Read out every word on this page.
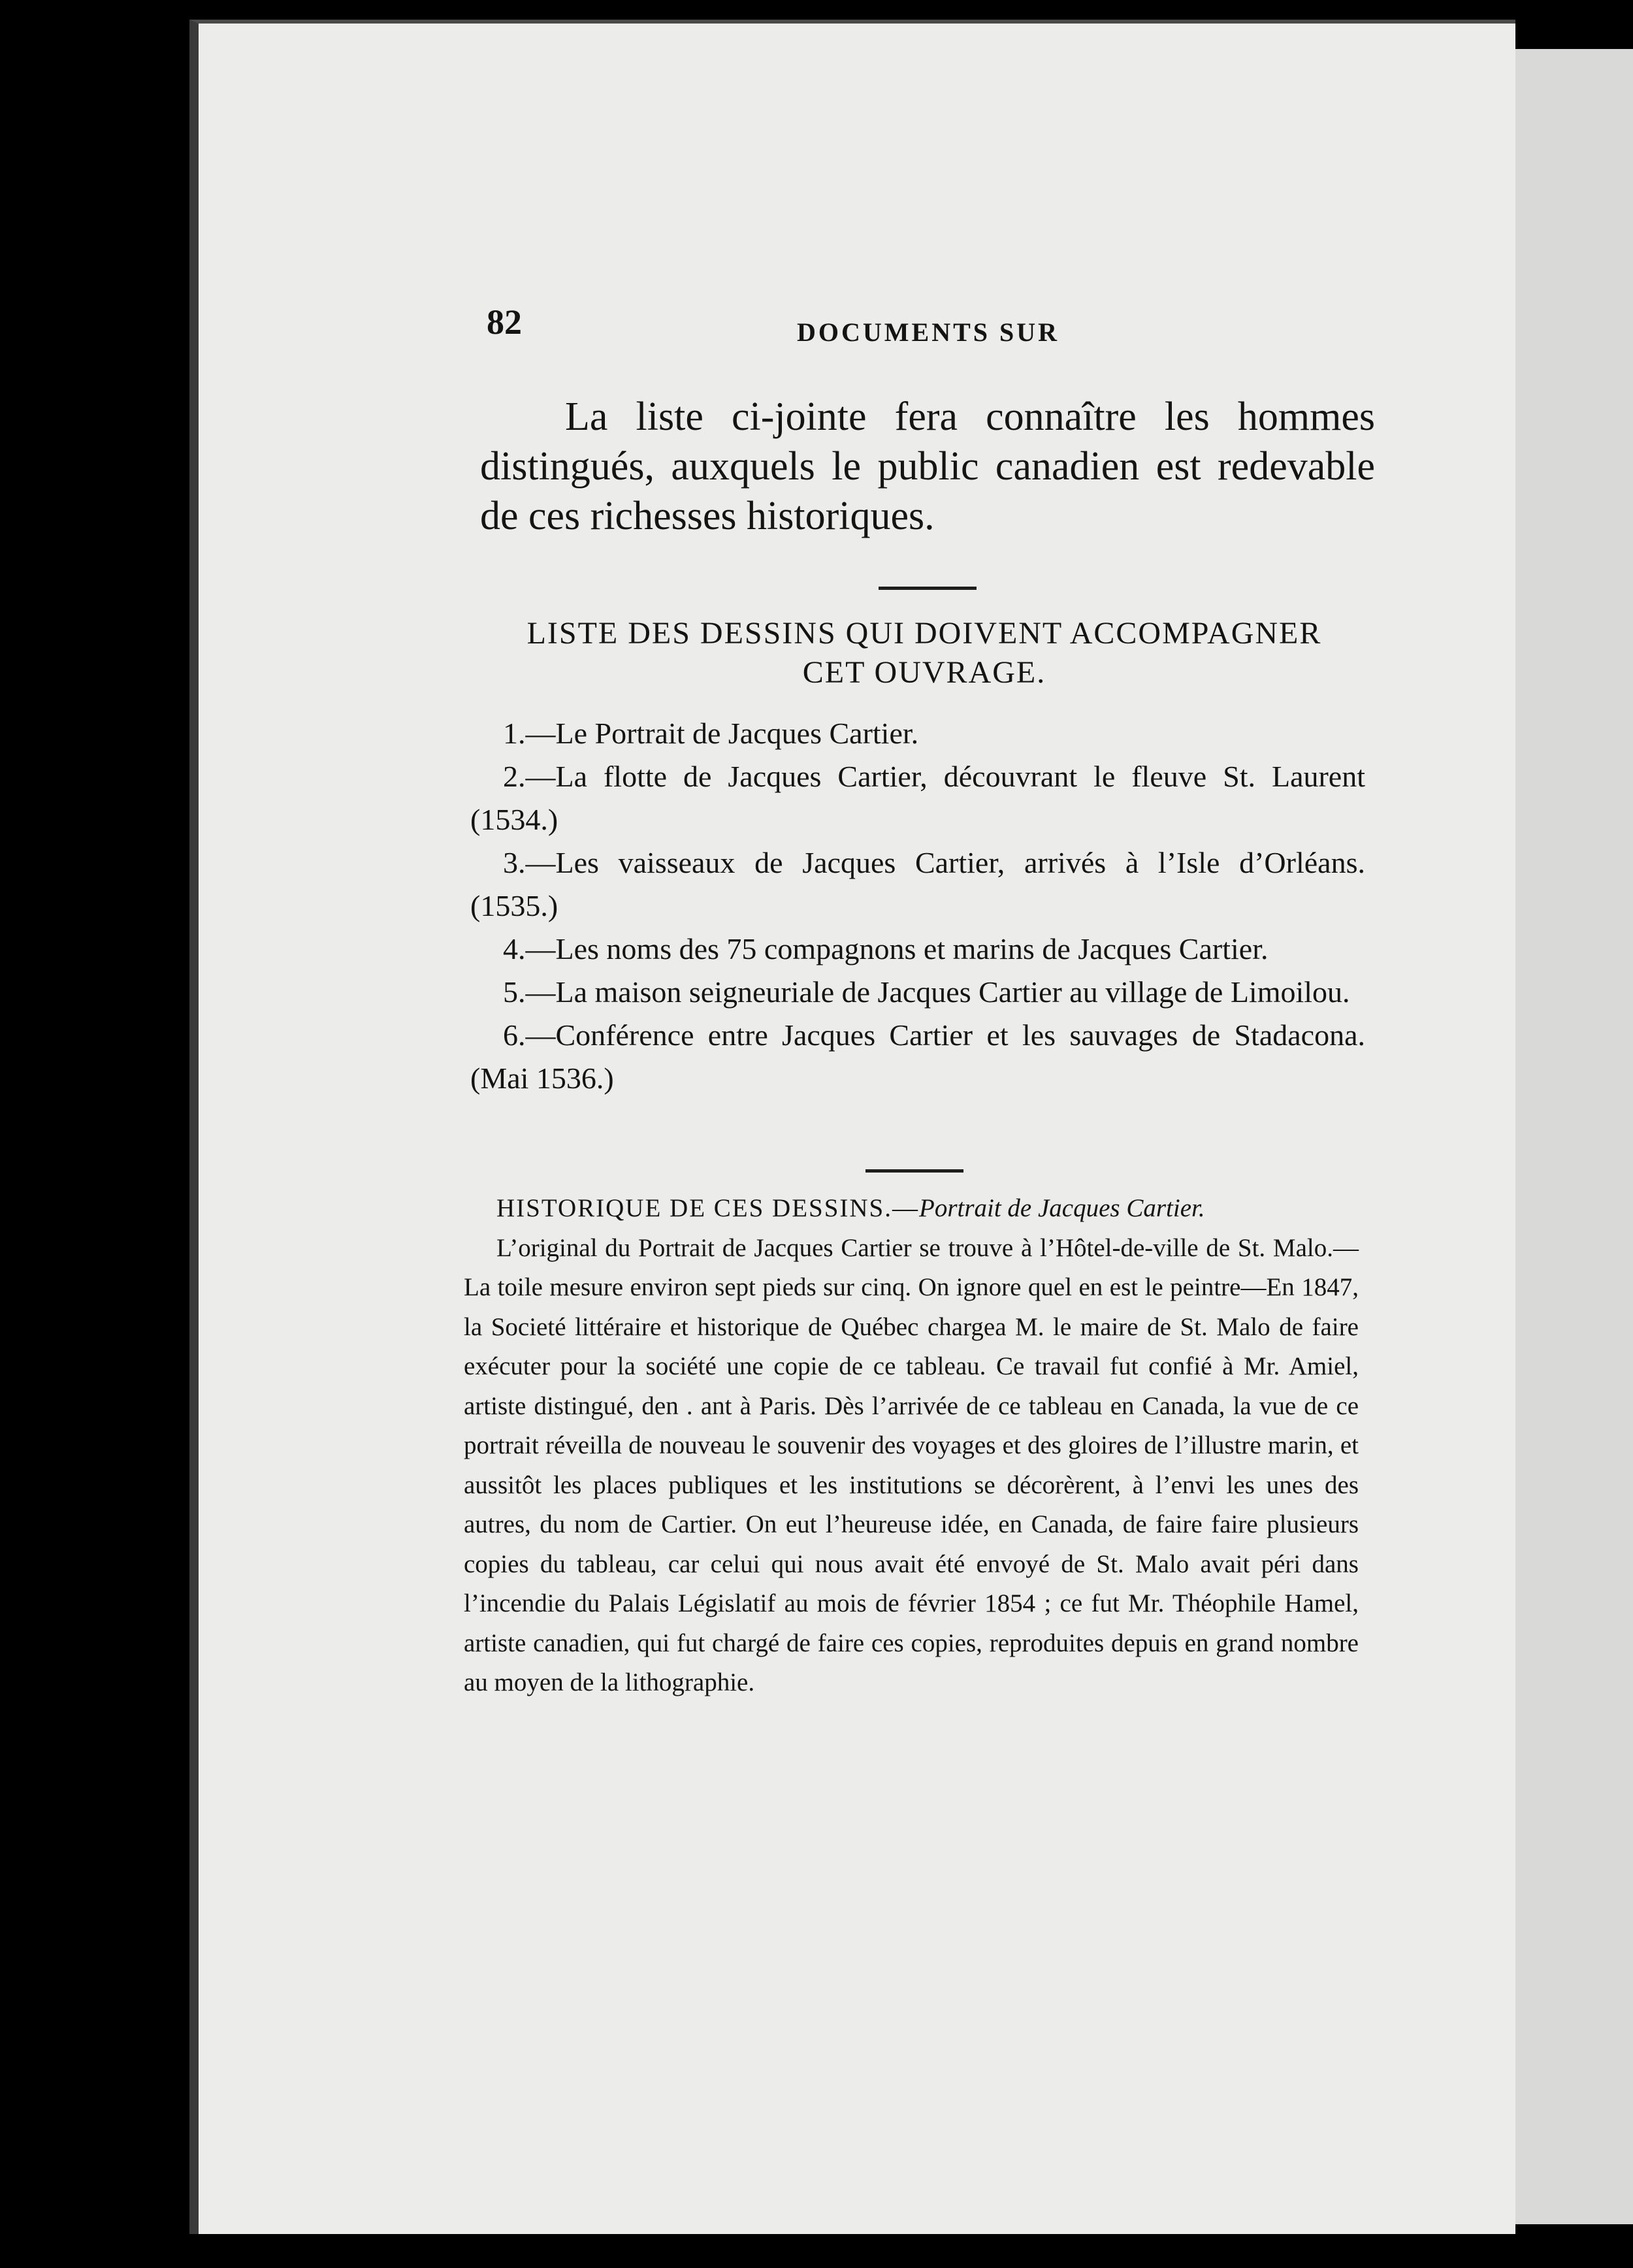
82	DOCUMENTS SUR

La liste ci-jointe fera connaître les hommes distingués, auxquels le public canadien est redevable de ces richesses historiques.

LISTE DES DESSINS QUI DOIVENT ACCOMPAGNER
CET OUVRAGE.
1.—Le Portrait de Jacques Cartier.
2.—La flotte de Jacques Cartier, découvrant le fleuve St. Laurent (1534.)
3.—Les vaisseaux de Jacques Cartier, arrivés à l’Isle d’Orléans. (1535.)
4.—Les noms des 75 compagnons et marins de Jacques Cartier.
5.—La maison seigneuriale de Jacques Cartier au village de Limoilou.
6.—Conférence entre Jacques Cartier et les sauvages de Stadacona. (Mai 1536.)
HISTORIQUE DE CES DESSINS.—Portrait de Jacques Cartier.
L’original du Portrait de Jacques Cartier se trouve à l’Hôtel-de-ville de St. Malo.—La toile mesure environ sept pieds sur cinq. On ignore quel en est le peintre—En 1847, la Societé littéraire et historique de Québec chargea M. le maire de St. Malo de faire exécuter pour la société une copie de ce tableau. Ce travail fut confié à Mr. Amiel, artiste distingué, den . ant à Paris. Dès l’arrivée de ce tableau en Canada, la vue de ce portrait réveilla de nouveau le souvenir des voyages et des gloires de l’illustre marin, et aussitôt les places publiques et les institutions se décorèrent, à l’envi les unes des autres, du nom de Cartier. On eut l’heureuse idée, en Canada, de faire faire plusieurs copies du tableau, car celui qui nous avait été envoyé de St. Malo avait péri dans l’incendie du Palais Législatif au mois de février 1854 ; ce fut Mr. Théophile Hamel, artiste canadien, qui fut chargé de faire ces copies, reproduites depuis en grand nombre au moyen de la lithographie.
